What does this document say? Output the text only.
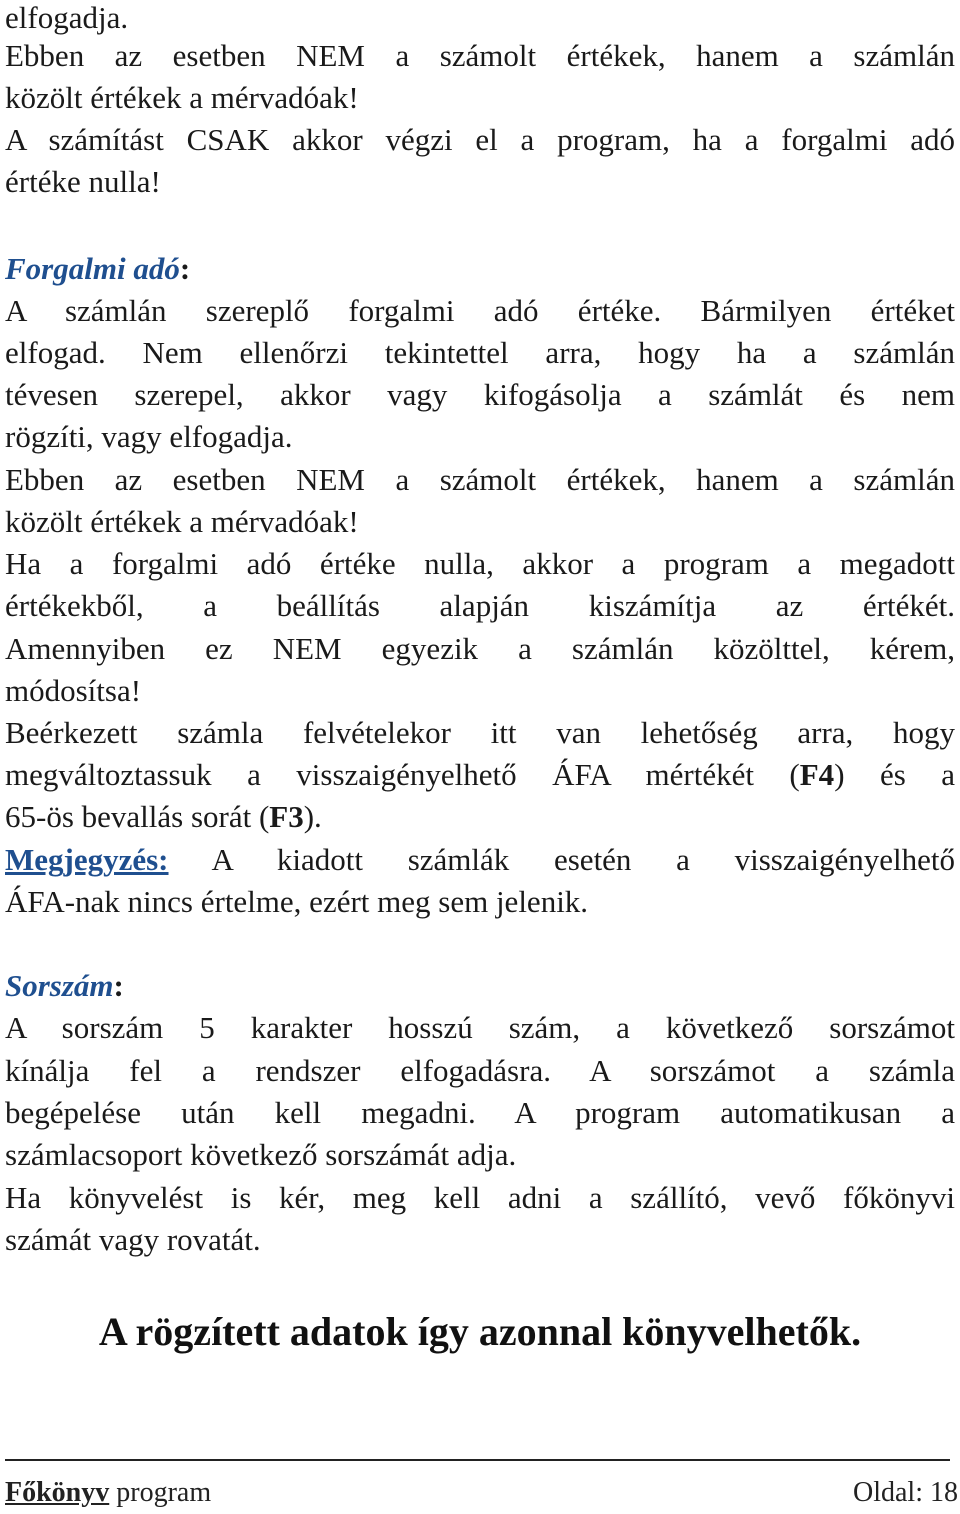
elfogadja.
Ebben az esetben NEM a számolt értékek, hanem a számlán
közölt értékek a mérvadóak!
A számítást CSAK akkor végzi el a program, ha a forgalmi adó
értéke nulla!
Forgalmi adó:
A számlán szereplő forgalmi adó értéke. Bármilyen értéket
elfogad. Nem ellenőrzi tekintettel arra, hogy ha a számlán
tévesen szerepel, akkor vagy kifogásolja a számlát és nem
rögzíti, vagy elfogadja.
Ebben az esetben NEM a számolt értékek, hanem a számlán
közölt értékek a mérvadóak!
Ha a forgalmi adó értéke nulla, akkor a program a megadott
értékekből, a beállítás alapján kiszámítja az értékét.
Amennyiben ez NEM egyezik a számlán közölttel, kérem,
módosítsa!
Beérkezett számla felvételekor itt van lehetőség arra, hogy
megváltoztassuk a visszaigényelhető ÁFA mértékét (F4) és a
65-ös bevallás sorát (F3).
Megjegyzés: A kiadott számlák esetén a visszaigényelhető
ÁFA-nak nincs értelme, ezért meg sem jelenik.
Sorszám:
A sorszám 5 karakter hosszú szám, a következő sorszámot
kínálja fel a rendszer elfogadásra. A sorszámot a számla
begépelése után kell megadni. A program automatikusan a
számlacsoport következő sorszámát adja.
Ha könyvelést is kér, meg kell adni a szállító, vevő főkönyvi
számát vagy rovatát.
A rögzített adatok így azonnal könyvelhetők.
Főkönyv program	Oldal: 18
